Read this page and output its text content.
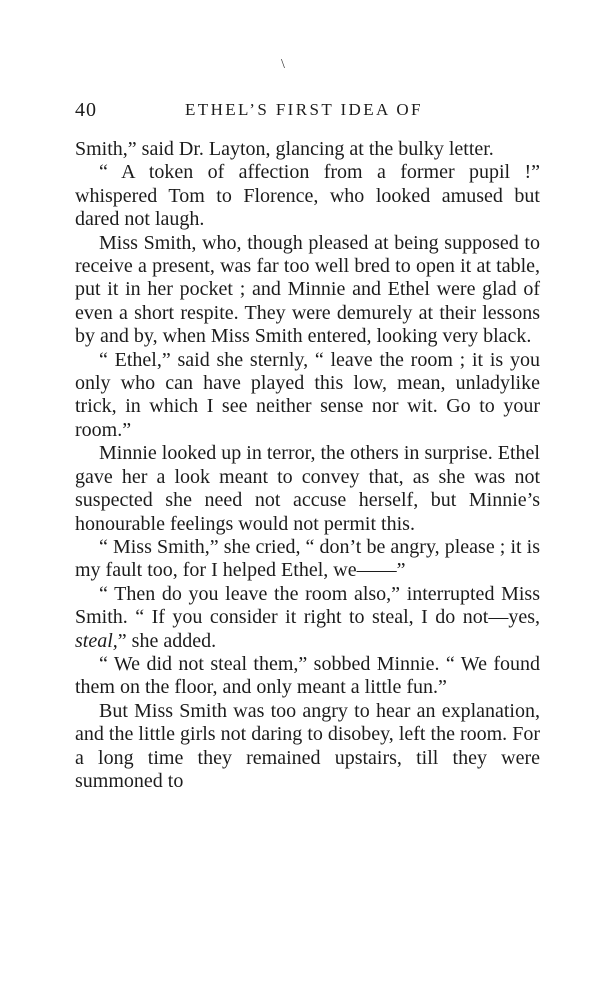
\
40	ETHEL’S FIRST IDEA OF

Smith,” said Dr. Layton, glancing at the bulky letter.

“ A token of affection from a former pupil !” whispered Tom to Florence, who looked amused but dared not laugh.

Miss Smith, who, though pleased at being supposed to receive a present, was far too well bred to open it at table, put it in her pocket ; and Minnie and Ethel were glad of even a short respite. They were demurely at their lessons by and by, when Miss Smith entered, looking very black.

“ Ethel,” said she sternly, “ leave the room ; it is you only who can have played this low, mean, unladylike trick, in which I see neither sense nor wit. Go to your room.”

Minnie looked up in terror, the others in surprise. Ethel gave her a look meant to convey that, as she was not suspected she need not accuse herself, but Minnie’s honourable feelings would not permit this.

“ Miss Smith,” she cried, “ don’t be angry, please ; it is my fault too, for I helped Ethel, we——”

“ Then do you leave the room also,” interrupted Miss Smith. “ If you consider it right to steal, I do not—yes, steal,” she added.

“ We did not steal them,” sobbed Minnie. “ We found them on the floor, and only meant a little fun.”

But Miss Smith was too angry to hear an explanation, and the little girls not daring to disobey, left the room. For a long time they remained upstairs, till they were summoned to
